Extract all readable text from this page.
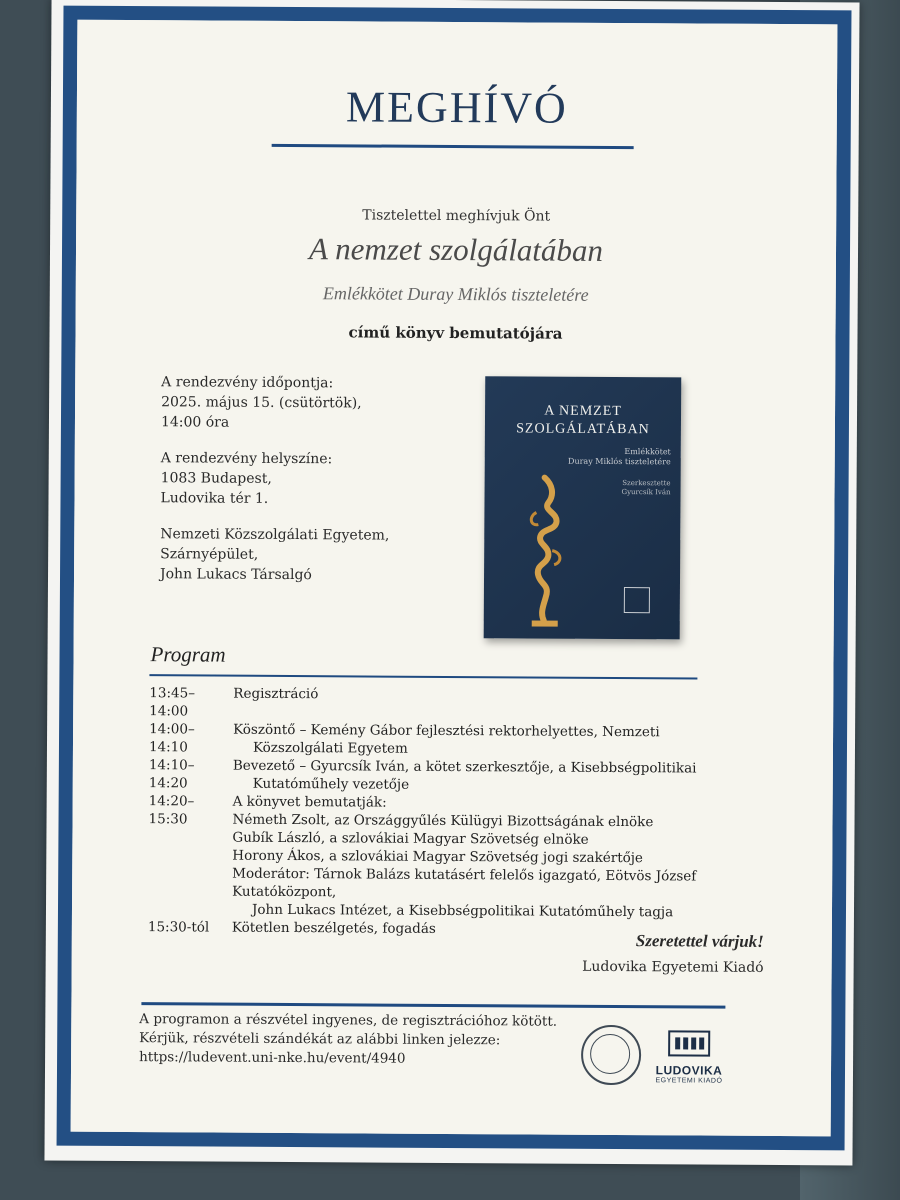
MEGHÍVÓ
Tisztelettel meghívjuk Önt
A nemzet szolgálatában
Emlékkötet Duray Miklós tiszteletére
című könyv bemutatójára
A rendezvény időpontja:
2025. május 15. (csütörtök),
14:00 óra
A rendezvény helyszíne:
1083 Budapest,
Ludovika tér 1.
Nemzeti Közszolgálati Egyetem,
Szárnyépület,
John Lukacs Társalgó
A NEMZET
SZOLGÁLATÁBAN
Emlékkötet
Duray Miklós tiszteletére
Szerkesztette
Gyurcsík Iván
Program
13:45–14:00
Regisztráció
14:00–14:10
Köszöntő – Kemény Gábor fejlesztési rektorhelyettes, Nemzeti
Közszolgálati Egyetem
14:10–14:20
Bevezető – Gyurcsík Iván, a kötet szerkesztője, a Kisebbségpolitikai
Kutatóműhely vezetője
14:20–15:30
A könyvet bemutatják:
Németh Zsolt, az Országgyűlés Külügyi Bizottságának elnöke
Gubík László, a szlovákiai Magyar Szövetség elnöke
Horony Ákos, a szlovákiai Magyar Szövetség jogi szakértője
Moderátor: Tárnok Balázs kutatásért felelős igazgató, Eötvös József Kutatóközpont,
John Lukacs Intézet, a Kisebbségpolitikai Kutatóműhely tagja
15:30-tól	Kötetlen beszélgetés, fogadás
Szeretettel várjuk!
Ludovika Egyetemi Kiadó
A programon a részvétel ingyenes, de regisztrációhoz kötött.
Kérjük, részvételi szándékát az alábbi linken jelezze:
https://ludevent.uni-nke.hu/event/4940
LUDOVIKA
EGYETEMI KIADÓ
